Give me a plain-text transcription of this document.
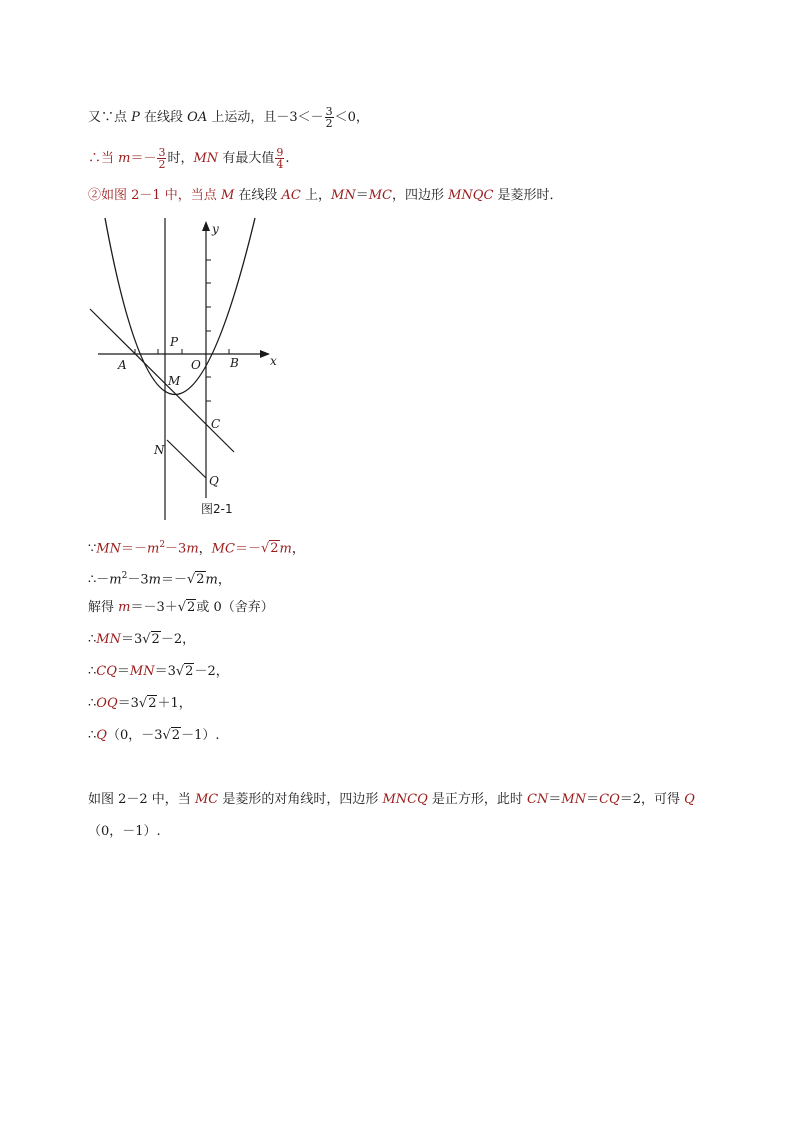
又∵点 P 在线段 OA 上运动，且$-3<- \frac{3}{2} <0$，
∴当 $m=- \frac{3}{2}$ 时，MN 有最大值 $\frac{9}{4}$ .
②如图 2－1 中，当点 M 在线段 AC 上，MN＝MC，四边形 MNQC 是菱形时．
y
x
P
A	O B
M
C
N
Q
图2-1
$\because MN=-m^2-3m$，MC＝－√2m，
$\therefore-m^2-3m=-√2m$，
解得 m＝－3＋√2或 0（舍弃）
∴MN＝3√2－2，
∴CQ＝MN＝3√2－2，
∴OQ＝3√2＋1，
∴Q（0，－3√2－1）.
如图 2－2 中，当 MC 是菱形的对角线时，四边形 MNCQ 是正方形，此时 CN＝MN＝CQ＝2，可得 Q
（0，－1）.
